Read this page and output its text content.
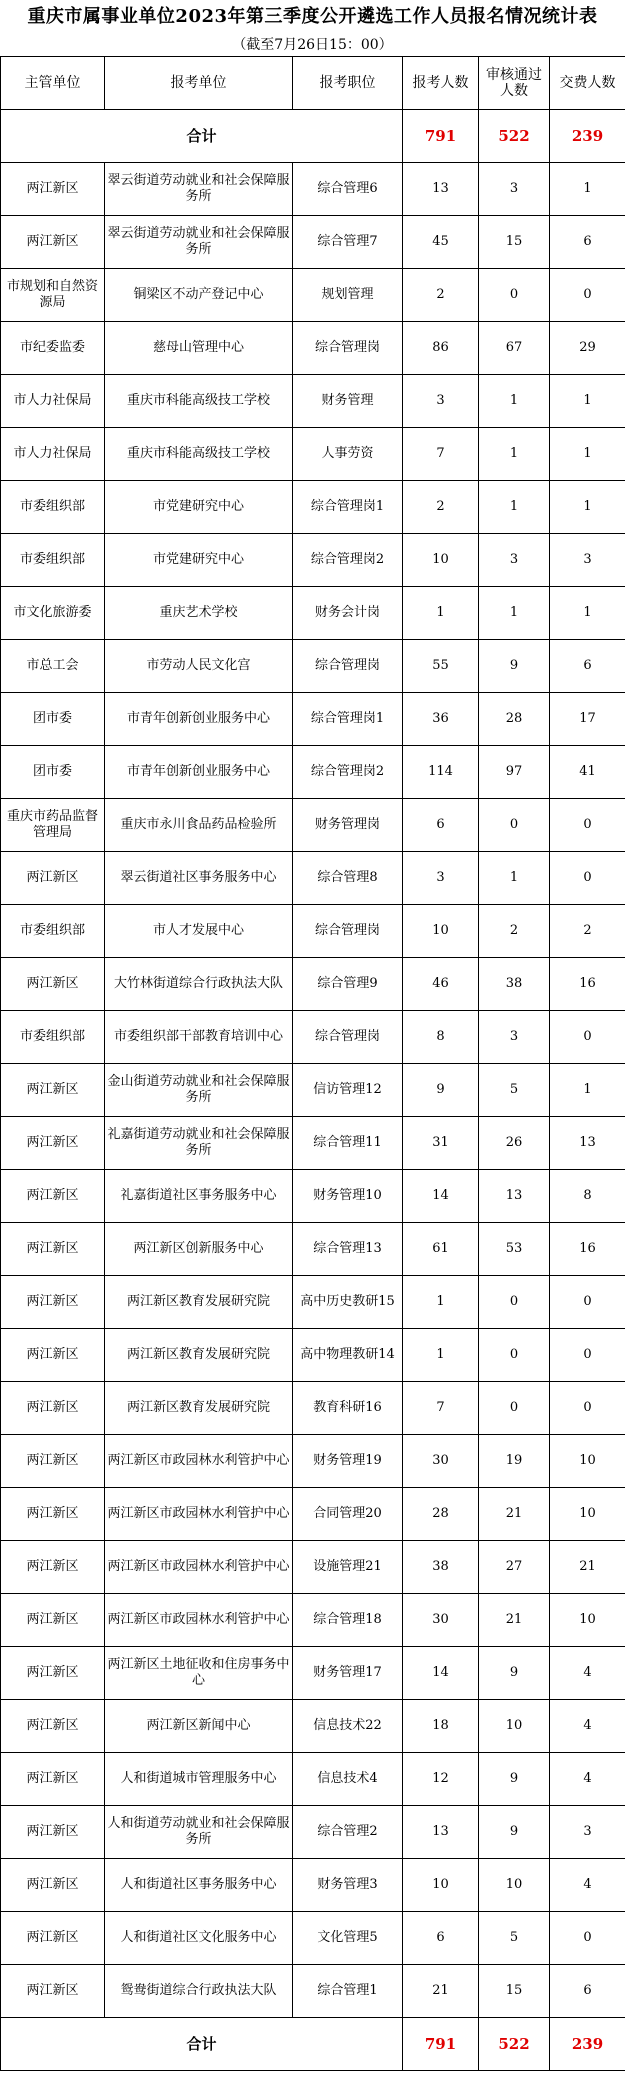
重庆市属事业单位2023年第三季度公开遴选工作人员报名情况统计表
（截至7月26日15：00）
主管单位	报考单位	报考职位	报考人数	审核通过人数	交费人数
合计			791	522	239
两江新区	翠云街道劳动就业和社会保障服务所	综合管理6	13	3	1
两江新区	翠云街道劳动就业和社会保障服务所	综合管理7	45	15	6
市规划和自然资源局	铜梁区不动产登记中心	规划管理	2	0	0
市纪委监委	慈母山管理中心	综合管理岗	86	67	29
市人力社保局	重庆市科能高级技工学校	财务管理	3	1	1
市人力社保局	重庆市科能高级技工学校	人事劳资	7	1	1
市委组织部	市党建研究中心	综合管理岗1	2	1	1
市委组织部	市党建研究中心	综合管理岗2	10	3	3
市文化旅游委	重庆艺术学校	财务会计岗	1	1	1
市总工会	市劳动人民文化宫	综合管理岗	55	9	6
团市委	市青年创新创业服务中心	综合管理岗1	36	28	17
团市委	市青年创新创业服务中心	综合管理岗2	114	97	41
重庆市药品监督管理局	重庆市永川食品药品检验所	财务管理岗	6	0	0
两江新区	翠云街道社区事务服务中心	综合管理8	3	1	0
市委组织部	市人才发展中心	综合管理岗	10	2	2
两江新区	大竹林街道综合行政执法大队	综合管理9	46	38	16
市委组织部	市委组织部干部教育培训中心	综合管理岗	8	3	0
两江新区	金山街道劳动就业和社会保障服务所	信访管理12	9	5	1
两江新区	礼嘉街道劳动就业和社会保障服务所	综合管理11	31	26	13
两江新区	礼嘉街道社区事务服务中心	财务管理10	14	13	8
两江新区	两江新区创新服务中心	综合管理13	61	53	16
两江新区	两江新区教育发展研究院	高中历史教研15	1	0	0
两江新区	两江新区教育发展研究院	高中物理教研14	1	0	0
两江新区	两江新区教育发展研究院	教育科研16	7	0	0
两江新区	两江新区市政园林水利管护中心	财务管理19	30	19	10
两江新区	两江新区市政园林水利管护中心	合同管理20	28	21	10
两江新区	两江新区市政园林水利管护中心	设施管理21	38	27	21
两江新区	两江新区市政园林水利管护中心	综合管理18	30	21	10
两江新区	两江新区土地征收和住房事务中心	财务管理17	14	9	4
两江新区	两江新区新闻中心	信息技术22	18	10	4
两江新区	人和街道城市管理服务中心	信息技术4	12	9	4
两江新区	人和街道劳动就业和社会保障服务所	综合管理2	13	9	3
两江新区	人和街道社区事务服务中心	财务管理3	10	10	4
两江新区	人和街道社区文化服务中心	文化管理5	6	5	0
两江新区	鸳鸯街道综合行政执法大队	综合管理1	21	15	6
合计			791	522	239
